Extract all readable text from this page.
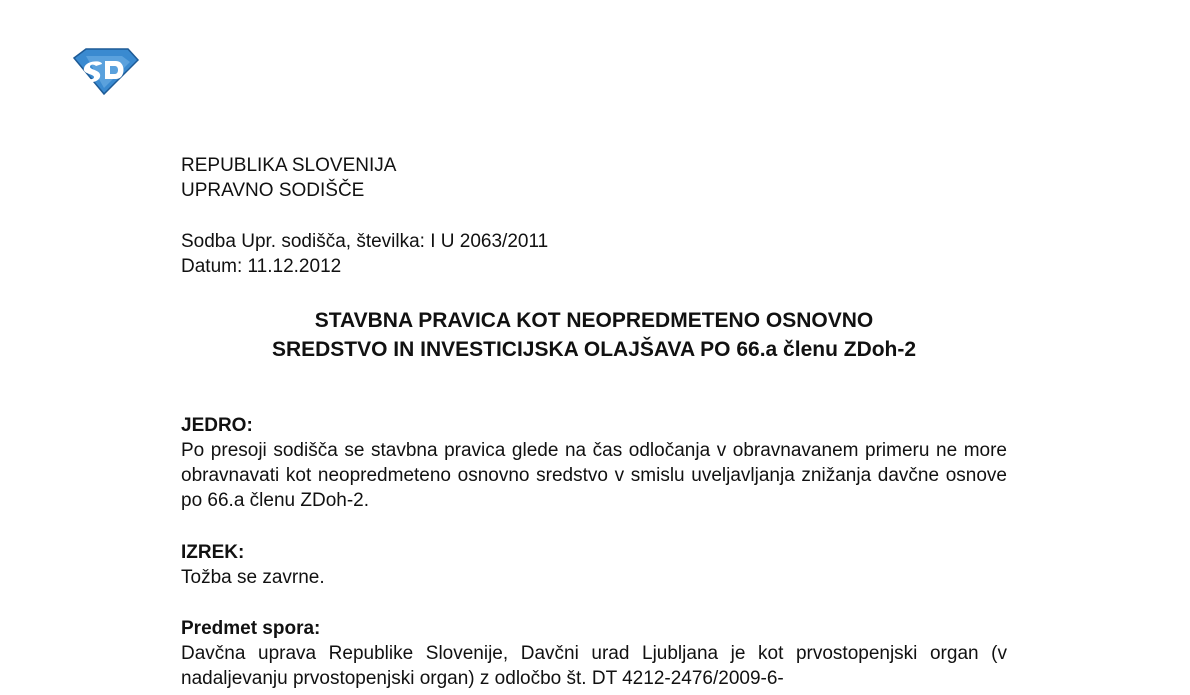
REPUBLIKA SLOVENIJA
UPRAVNO SODIŠČE
Sodba Upr. sodišča, številka: I U 2063/2011
Datum: 11.12.2012
STAVBNA PRAVICA KOT NEOPREDMETENO OSNOVNO
SREDSTVO IN INVESTICIJSKA OLAJŠAVA PO 66.a členu ZDoh-2
JEDRO:
Po presoji sodišča se stavbna pravica glede na čas odločanja v obravnavanem primeru ne more obravnavati kot neopredmeteno osnovno sredstvo v smislu uveljavljanja znižanja davčne osnove po 66.a členu ZDoh-2.
IZREK:
Tožba se zavrne.
Predmet spora:
Davčna uprava Republike Slovenije, Davčni urad Ljubljana je kot prvostopenjski organ (v nadaljevanju prvostopenjski organ) z odločbo št. DT 4212-2476/2009-6-
